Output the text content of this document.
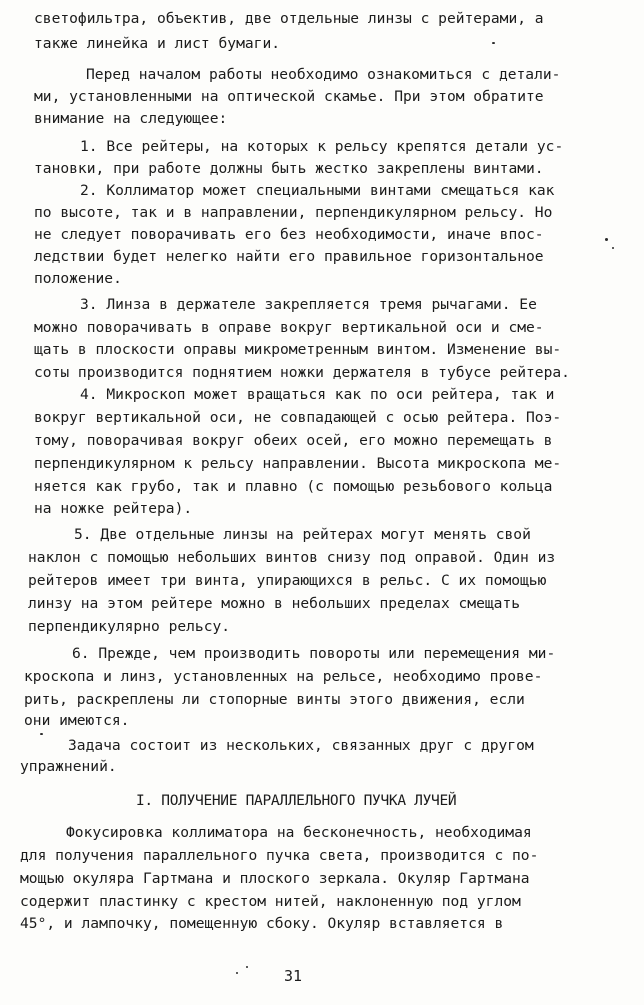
светофильтра, объектив, две отдельные линзы с рейтерами, а
также линейка и лист бумаги.
Перед началом работы необходимо ознакомиться с детали-
ми, установленными на оптической скамье. При этом обратите
внимание на следующее:
1. Все рейтеры, на которых к рельсу крепятся детали ус-
тановки, при работе должны быть жестко закреплены винтами.
2. Коллиматор может специальными винтами смещаться как
по высоте, так и в направлении, перпендикулярном рельсу. Но
не следует поворачивать его без необходимости, иначе впос-
ледствии будет нелегко найти его правильное горизонтальное
положение.
3. Линза в держателе закрепляется тремя рычагами. Ее
можно поворачивать в оправе вокруг вертикальной оси и сме-
щать в плоскости оправы микрометренным винтом. Изменение вы-
соты производится поднятием ножки держателя в тубусе рейтера.
4. Микроскоп может вращаться как по оси рейтера, так и
вокруг вертикальной оси, не совпадающей с осью рейтера. Поэ-
тому, поворачивая вокруг обеих осей, его можно перемещать в
перпендикулярном к рельсу направлении. Высота микроскопа ме-
няется как грубо, так и плавно (с помощью резьбового кольца
на ножке рейтера).
5. Две отдельные линзы на рейтерах могут менять свой
наклон с помощью небольших винтов снизу под оправой. Один из
рейтеров имеет три винта, упирающихся в рельс. С их помощью
линзу на этом рейтере можно в небольших пределах смещать
перпендикулярно рельсу.
6. Прежде, чем производить повороты или перемещения ми-
кроскопа и линз, установленных на рельсе, необходимо прове-
рить, раскреплены ли стопорные винты этого движения, если
они имеются.
Задача состоит из нескольких, связанных друг с другом
упражнений.
I. ПОЛУЧЕНИЕ ПАРАЛЛЕЛЬНОГО ПУЧКА ЛУЧЕЙ
Фокусировка коллиматора на бесконечность, необходимая
для получения параллельного пучка света, производится с по-
мощью окуляра Гартмана и плоского зеркала. Окуляр Гартмана
содержит пластинку с крестом нитей, наклоненную под углом
45°, и лампочку, помещенную сбоку. Окуляр вставляется в
31
